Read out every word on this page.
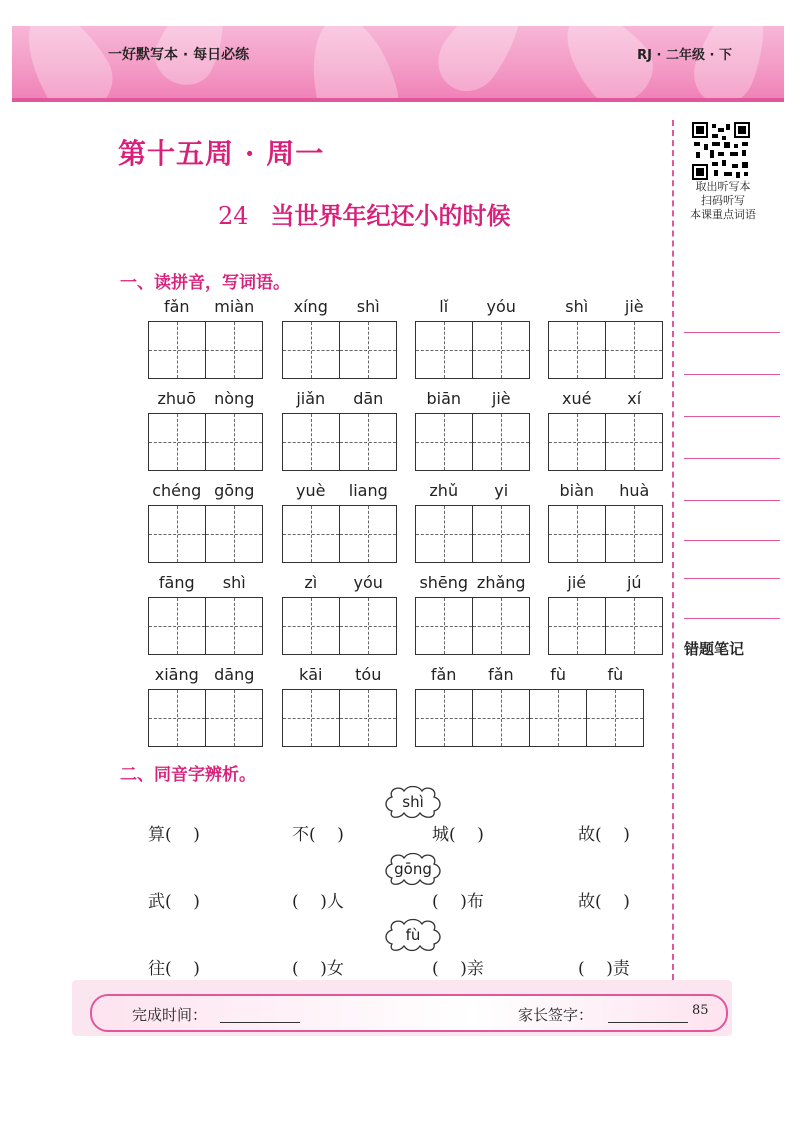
一好默写本 · 每日必练	RJ · 二年级 · 下
取出听写本
扫码听写
本课重点词语
错题笔记
第十五周 · 周一
24 当世界年纪还小的时候
一、读拼音，写词语。
fǎn	miàn	xíng	shì	lǐ	yóu	shì	jiè
zhuō	nòng	jiǎn	dān	biān	jiè	xué	xí
chéng gōng	yuè	liang	zhǔ	yi	biàn	huà
fāng	shì	zì	yóu	shēng zhǎng	jié	jú
xiāng dāng	kāi	tóu	fǎn	fǎn	fù	fù
二、同音字辨析。
shì
算(    )	不(    )	城(    )	故(    )
gōng
武(    )	(    )人	(    )布	故(    )
fù
往(    )	(    )女	(    )亲	(    )责
完成时间：	家长签字：	85
